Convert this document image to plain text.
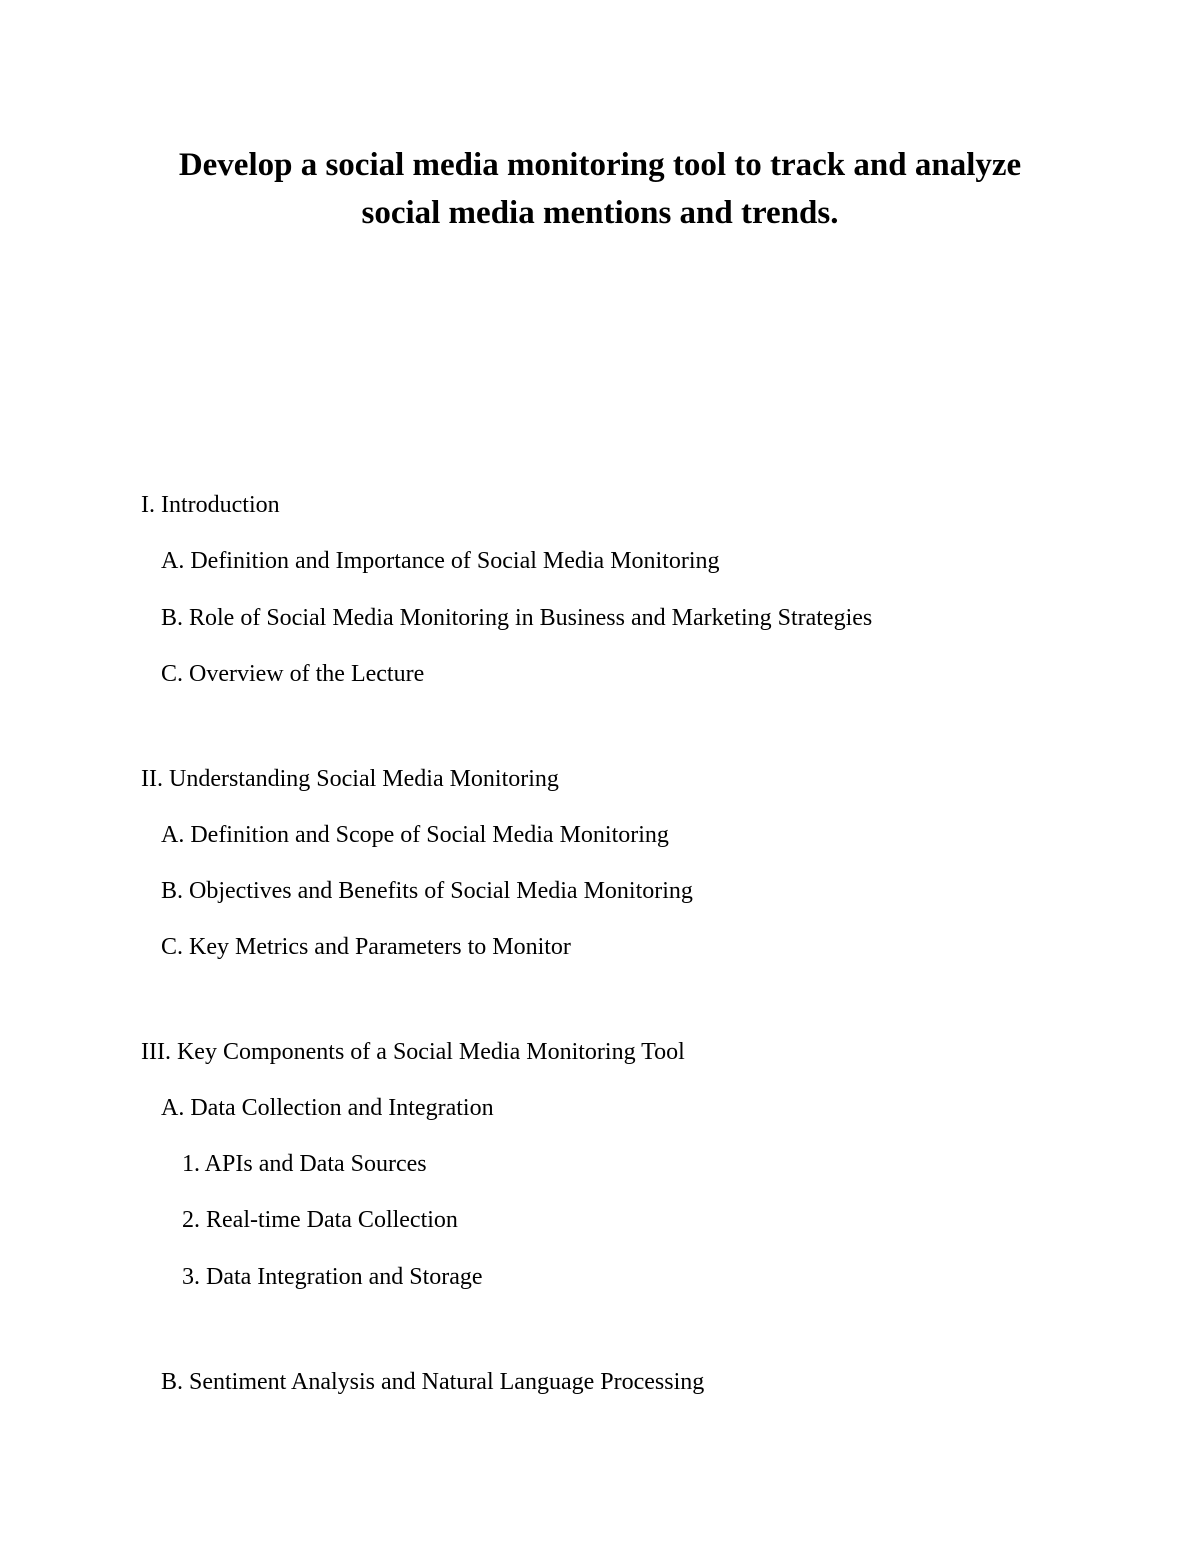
Develop a social media monitoring tool to track and analyze
social media mentions and trends.

I. Introduction

A. Definition and Importance of Social Media Monitoring

B. Role of Social Media Monitoring in Business and Marketing Strategies

C. Overview of the Lecture

II. Understanding Social Media Monitoring

A. Definition and Scope of Social Media Monitoring

B. Objectives and Benefits of Social Media Monitoring

C. Key Metrics and Parameters to Monitor

III. Key Components of a Social Media Monitoring Tool

A. Data Collection and Integration

1. APIs and Data Sources

2. Real-time Data Collection

3. Data Integration and Storage

B. Sentiment Analysis and Natural Language Processing
